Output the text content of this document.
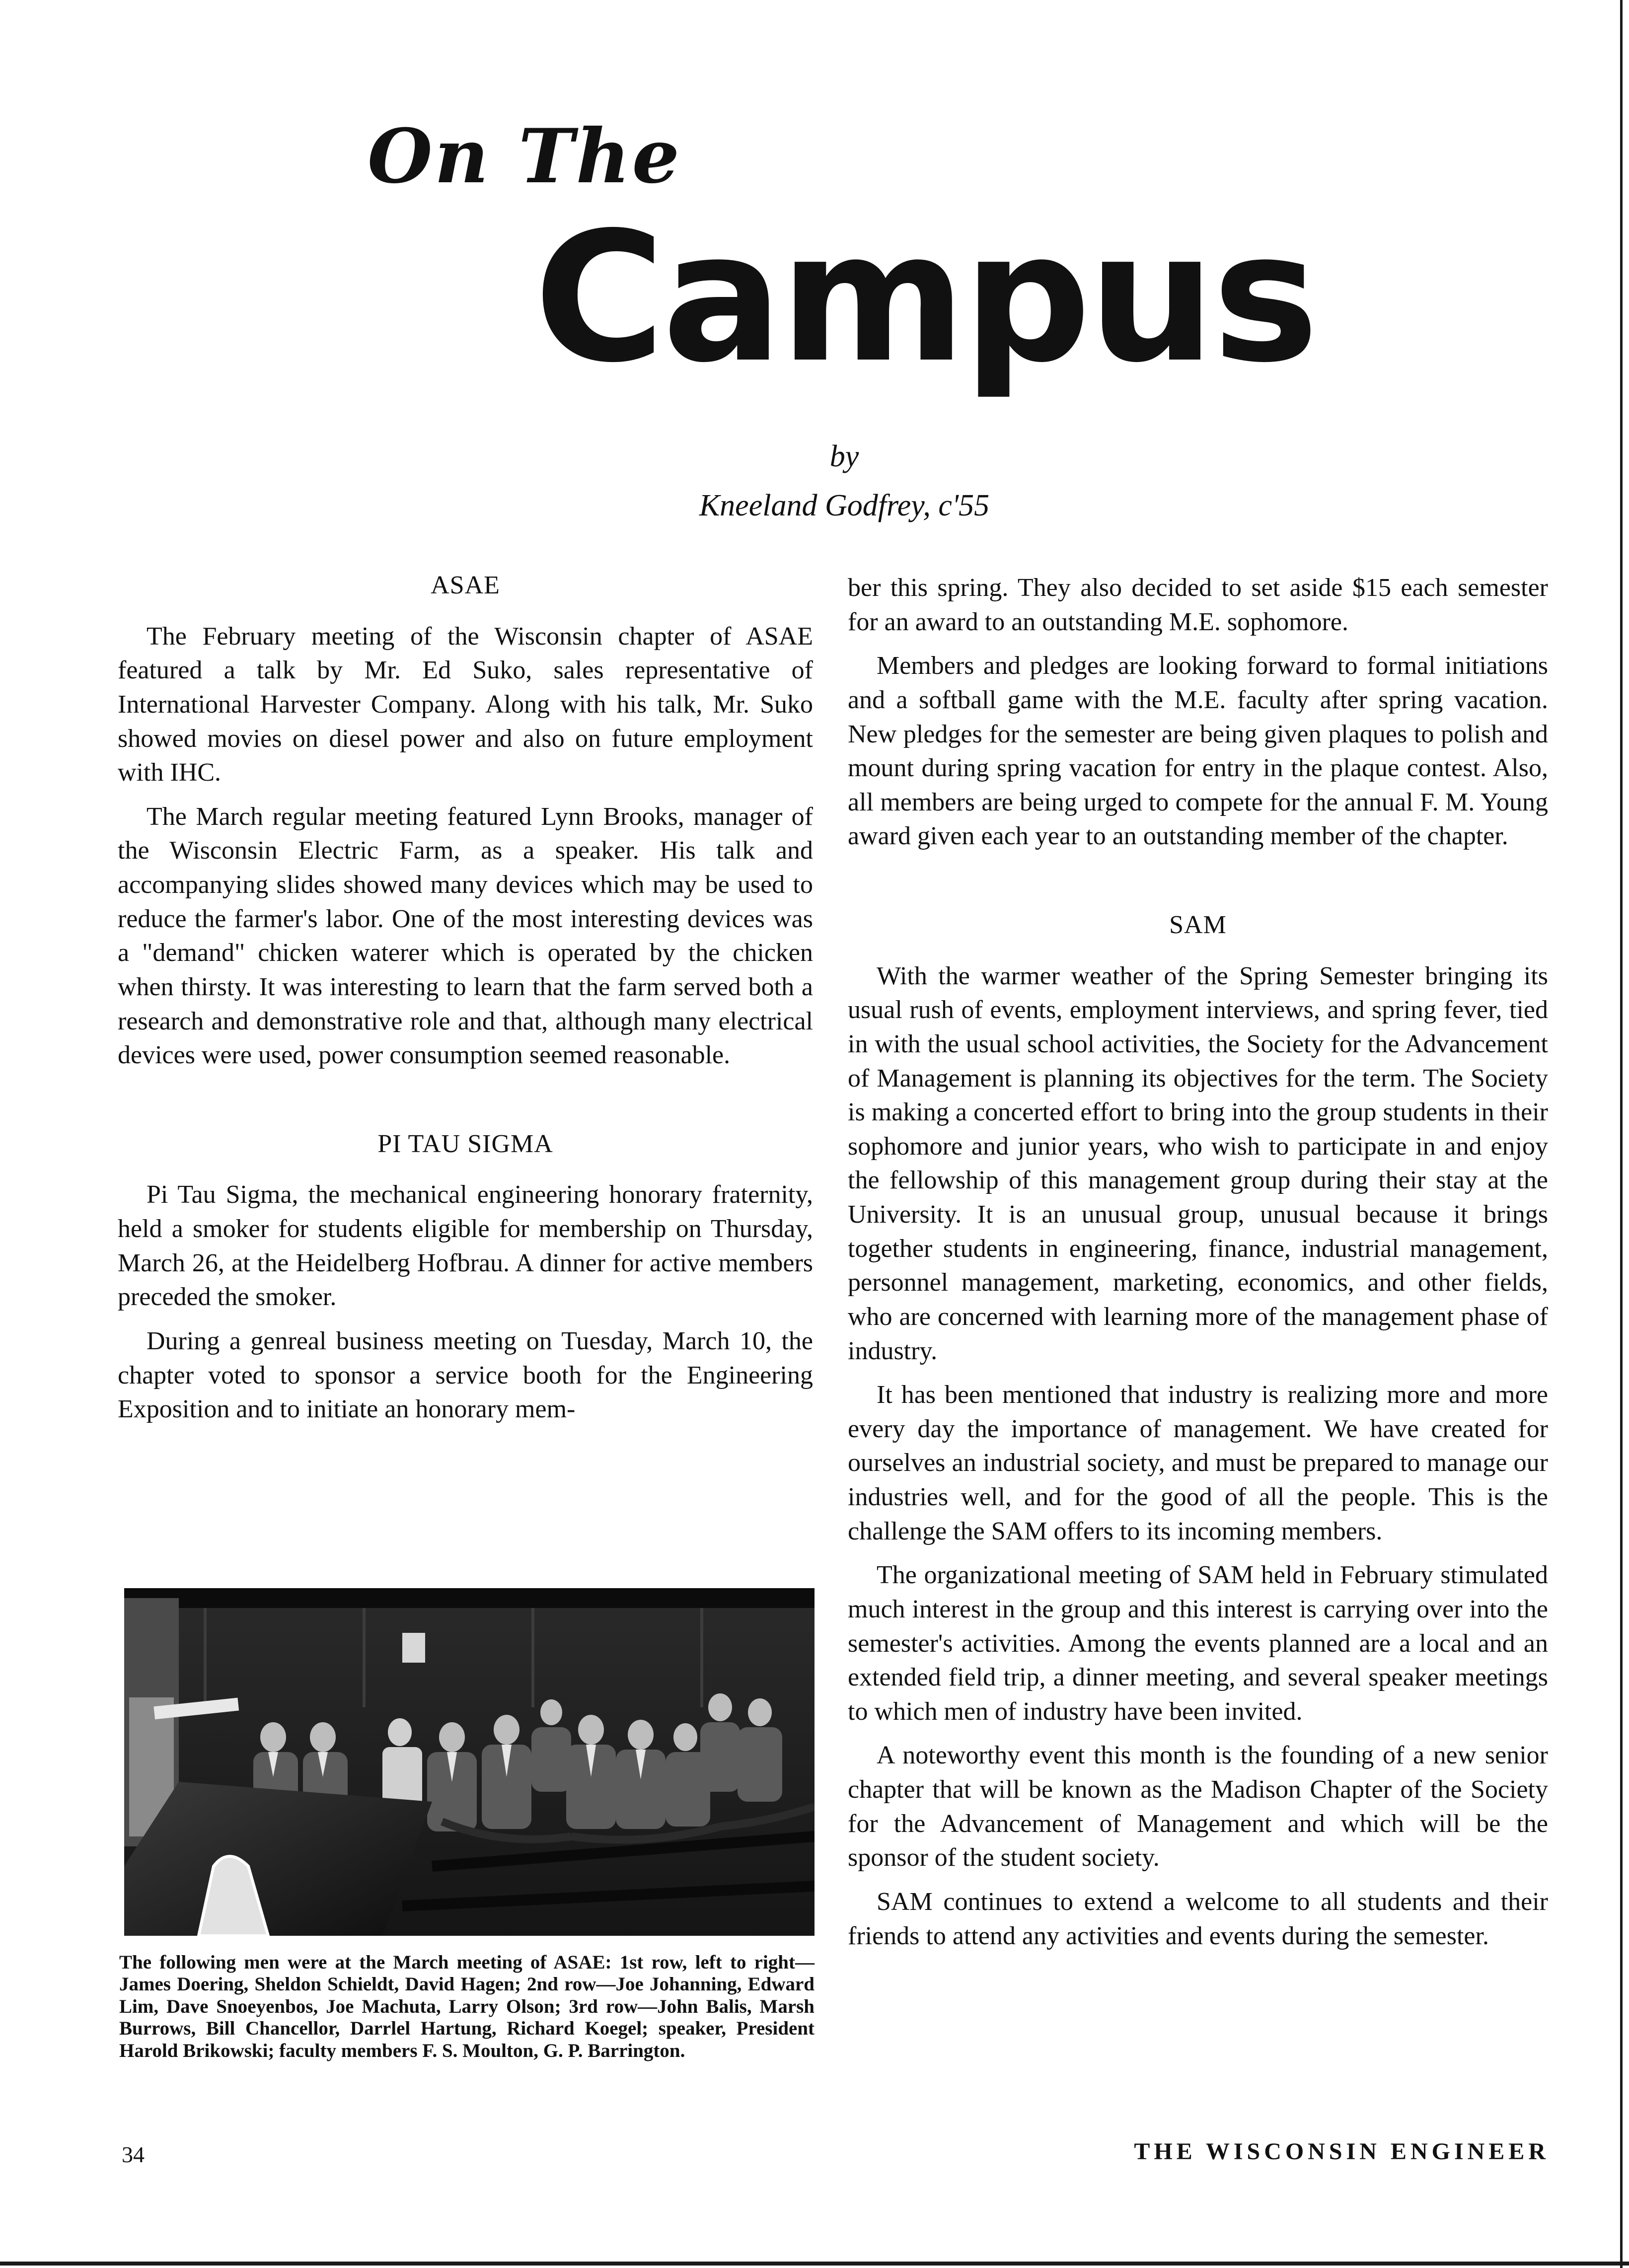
On The
Campus
by
Kneeland Godfrey, c'55
ASAE

The February meeting of the Wisconsin chapter of ASAE featured a talk by Mr. Ed Suko, sales representative of International Harvester Company. Along with his talk, Mr. Suko showed movies on diesel power and also on future employment with IHC.

The March regular meeting featured Lynn Brooks, manager of the Wisconsin Electric Farm, as a speaker. His talk and accompanying slides showed many devices which may be used to reduce the farmer's labor. One of the most interesting devices was a "demand" chicken waterer which is operated by the chicken when thirsty. It was interesting to learn that the farm served both a research and demonstrative role and that, although many electrical devices were used, power consumption seemed reasonable.

PI TAU SIGMA

Pi Tau Sigma, the mechanical engineering honorary fraternity, held a smoker for students eligible for membership on Thursday, March 26, at the Heidelberg Hofbrau. A dinner for active members preceded the smoker.

During a genreal business meeting on Tuesday, March 10, the chapter voted to sponsor a service booth for the Engineering Exposition and to initiate an honorary mem-

The following men were at the March meeting of ASAE: 1st row, left to right—James Doering, Sheldon Schieldt, David Hagen; 2nd row—Joe Johanning, Edward Lim, Dave Snoeyenbos, Joe Machuta, Larry Olson; 3rd row—John Balis, Marsh Burrows, Bill Chancellor, Darrlel Hartung, Richard Koegel; speaker, President Harold Brikowski; faculty members F. S. Moulton, G. P. Barrington.

ber this spring. They also decided to set aside $15 each semester for an award to an outstanding M.E. sophomore.

Members and pledges are looking forward to formal initiations and a softball game with the M.E. faculty after spring vacation. New pledges for the semester are being given plaques to polish and mount during spring vacation for entry in the plaque contest. Also, all members are being urged to compete for the annual F. M. Young award given each year to an outstanding member of the chapter.

SAM

With the warmer weather of the Spring Semester bringing its usual rush of events, employment interviews, and spring fever, tied in with the usual school activities, the Society for the Advancement of Management is planning its objectives for the term. The Society is making a concerted effort to bring into the group students in their sophomore and junior years, who wish to participate in and enjoy the fellowship of this management group during their stay at the University. It is an unusual group, unusual because it brings together students in engineering, finance, industrial management, personnel management, marketing, economics, and other fields, who are concerned with learning more of the management phase of industry.

It has been mentioned that industry is realizing more and more every day the importance of management. We have created for ourselves an industrial society, and must be prepared to manage our industries well, and for the good of all the people. This is the challenge the SAM offers to its incoming members.

The organizational meeting of SAM held in February stimulated much interest in the group and this interest is carrying over into the semester's activities. Among the events planned are a local and an extended field trip, a dinner meeting, and several speaker meetings to which men of industry have been invited.

A noteworthy event this month is the founding of a new senior chapter that will be known as the Madison Chapter of the Society for the Advancement of Management and which will be the sponsor of the student society.

SAM continues to extend a welcome to all students and their friends to attend any activities and events during the semester.

34	THE WISCONSIN ENGINEER
